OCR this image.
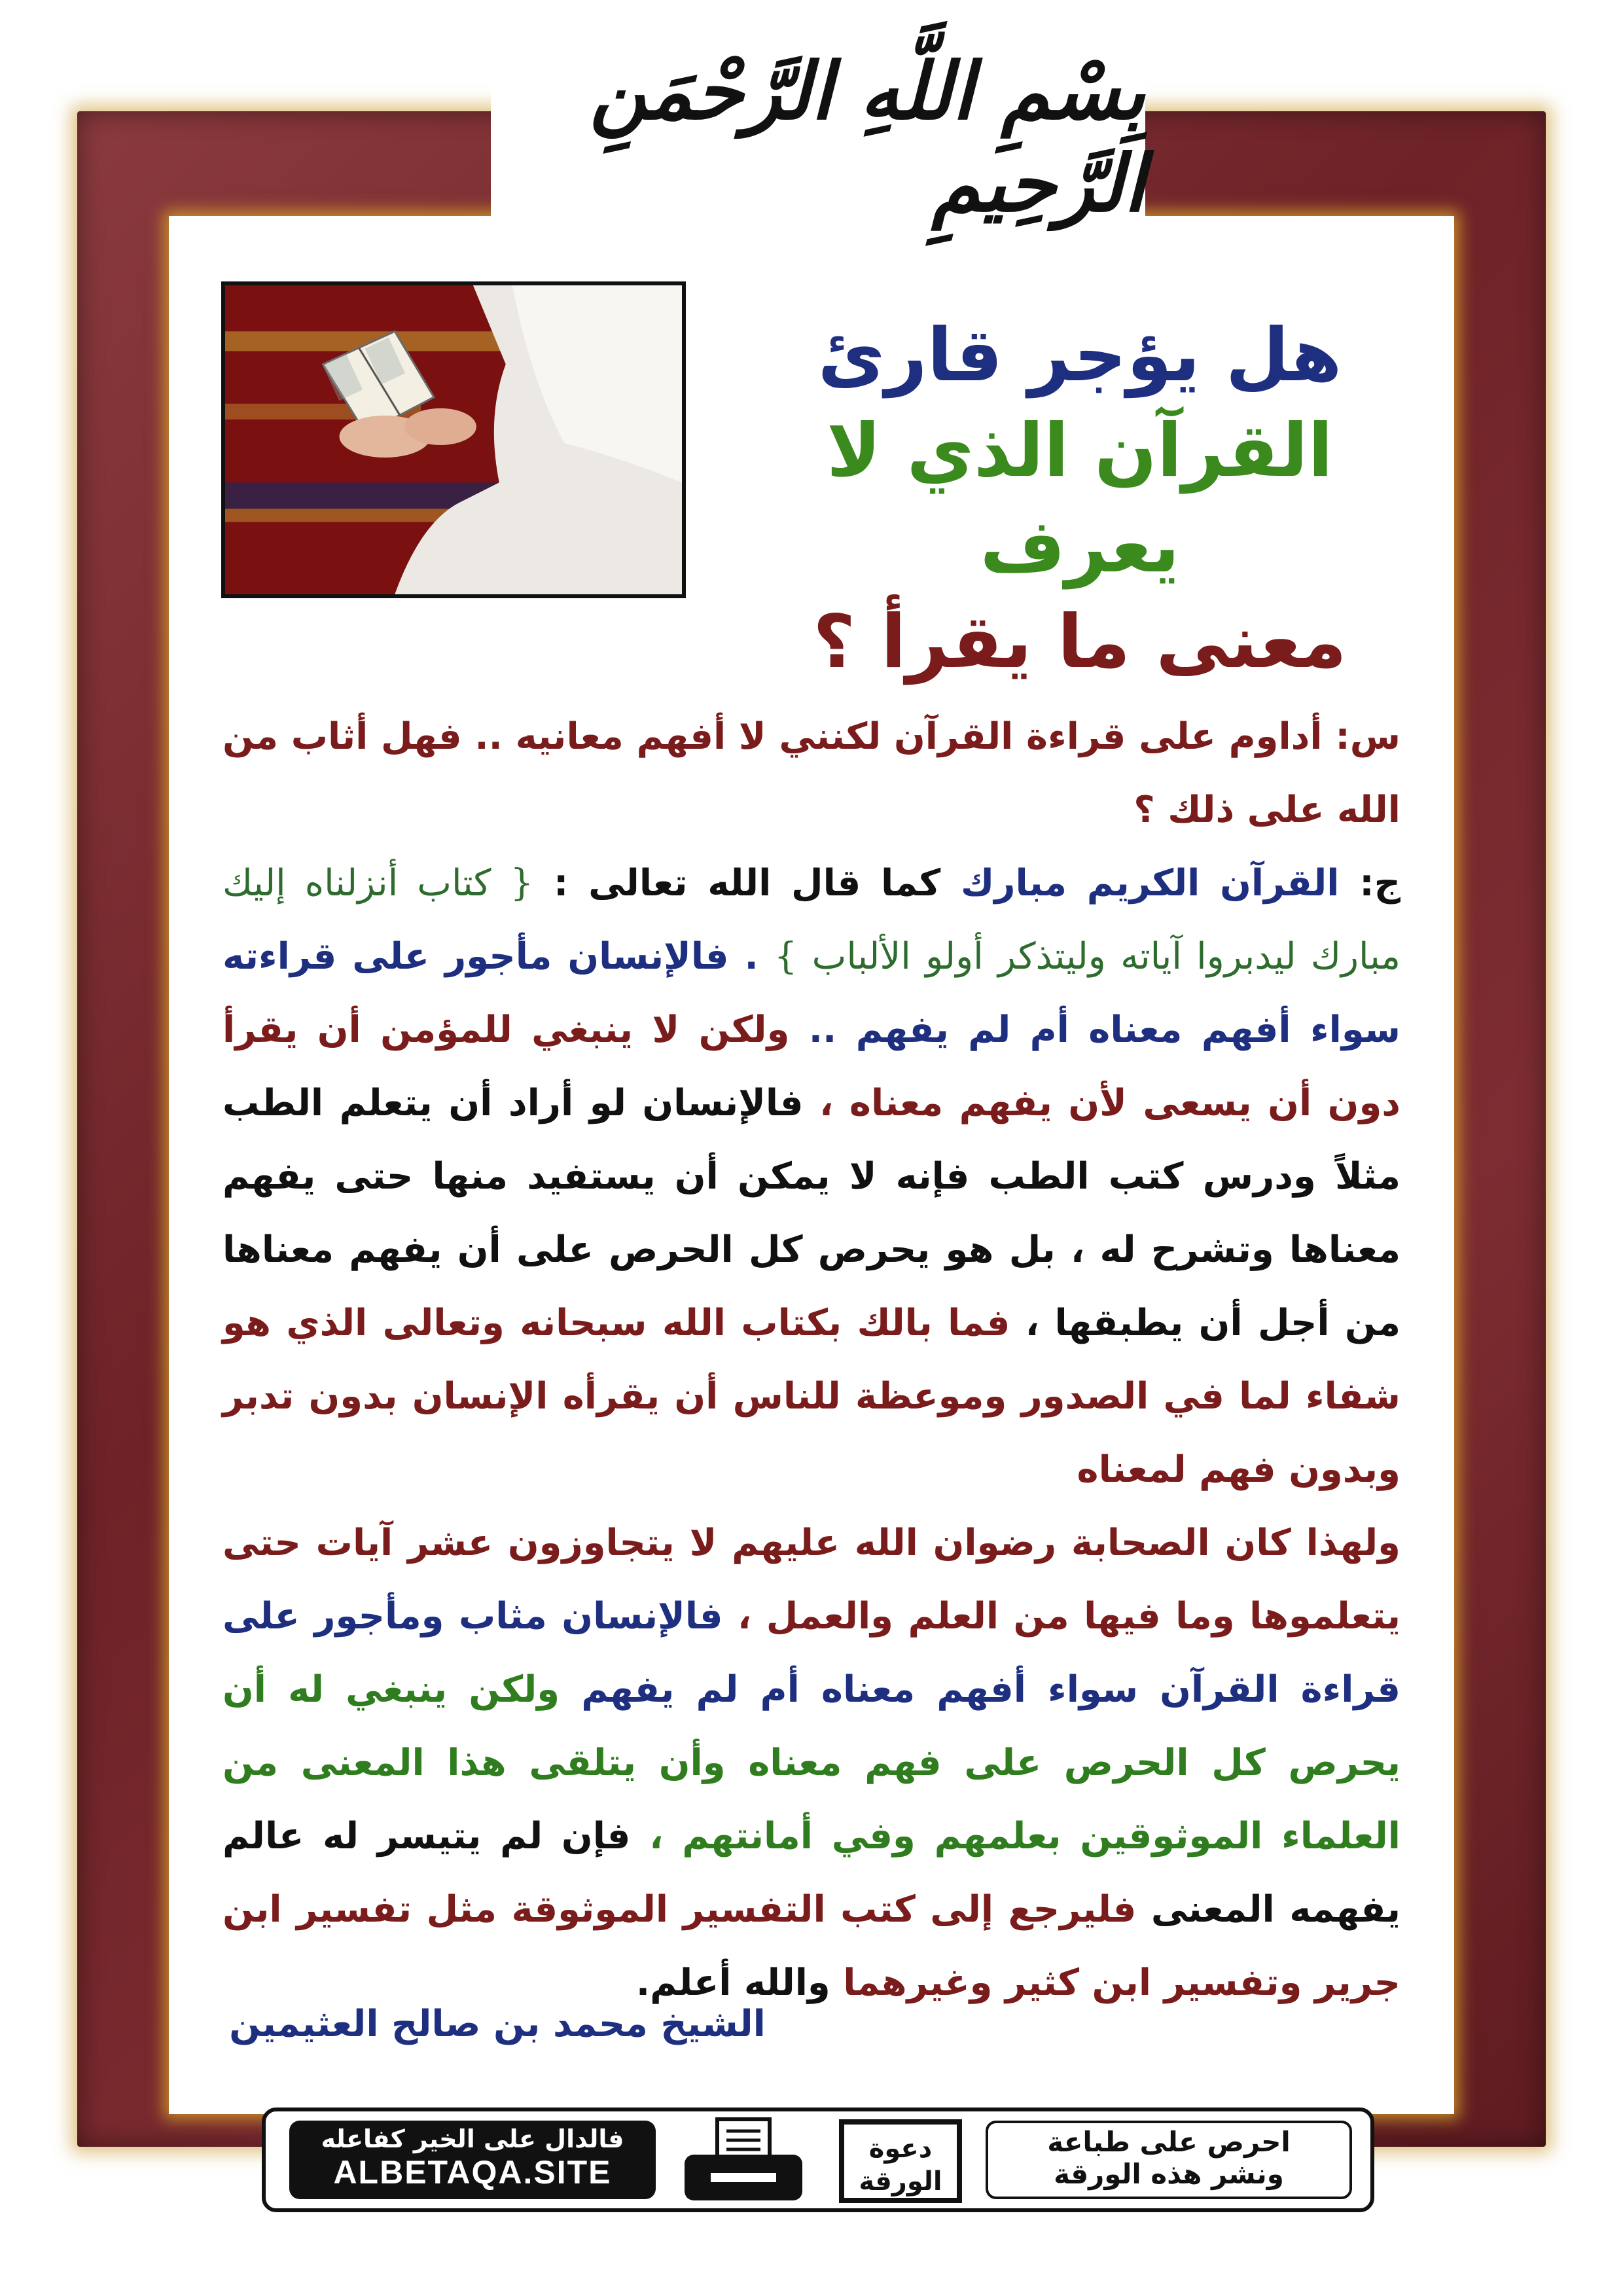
بِسْمِ اللَّهِ الرَّحْمَنِ الرَّحِيمِ
هل يؤجر قارئ
القرآن الذي لا يعرف
معنى ما يقرأ ؟
س: أداوم على قراءة القرآن لكنني لا أفهم معانيه .. فهل أثاب من الله على ذلك ؟
ج: القرآن الكريم مبارك كما قال الله تعالى : { كتاب أنزلناه إليك مبارك ليدبروا آياته وليتذكر أولو الألباب } . فالإنسان مأجور على قراءته سواء أفهم معناه أم لم يفهم .. ولكن لا ينبغي للمؤمن أن يقرأ دون أن يسعى لأن يفهم معناه ، فالإنسان لو أراد أن يتعلم الطب مثلاً ودرس كتب الطب فإنه لا يمكن أن يستفيد منها حتى يفهم معناها وتشرح له ، بل هو يحرص كل الحرص على أن يفهم معناها من أجل أن يطبقها ، فما بالك بكتاب الله سبحانه وتعالى الذي هو شفاء لما في الصدور وموعظة للناس أن يقرأه الإنسان بدون تدبر وبدون فهم لمعناه
ولهذا كان الصحابة رضوان الله عليهم لا يتجاوزون عشر آيات حتى يتعلموها وما فيها من العلم والعمل ، فالإنسان مثاب ومأجور على قراءة القرآن سواء أفهم معناه أم لم يفهم ولكن ينبغي له أن يحرص كل الحرص على فهم معناه وأن يتلقى هذا المعنى من العلماء الموثوقين بعلمهم وفي أمانتهم ، فإن لم يتيسر له عالم يفهمه المعنى فليرجع إلى كتب التفسير الموثوقة مثل تفسير ابن جرير وتفسير ابن كثير وغيرهما والله أعلم.
الشيخ محمد بن صالح العثيمين
فالدال على الخير كفاعله
ALBETAQA.SITE
دعوة
الورقة
احرص على طباعة
ونشر هذه الورقة
